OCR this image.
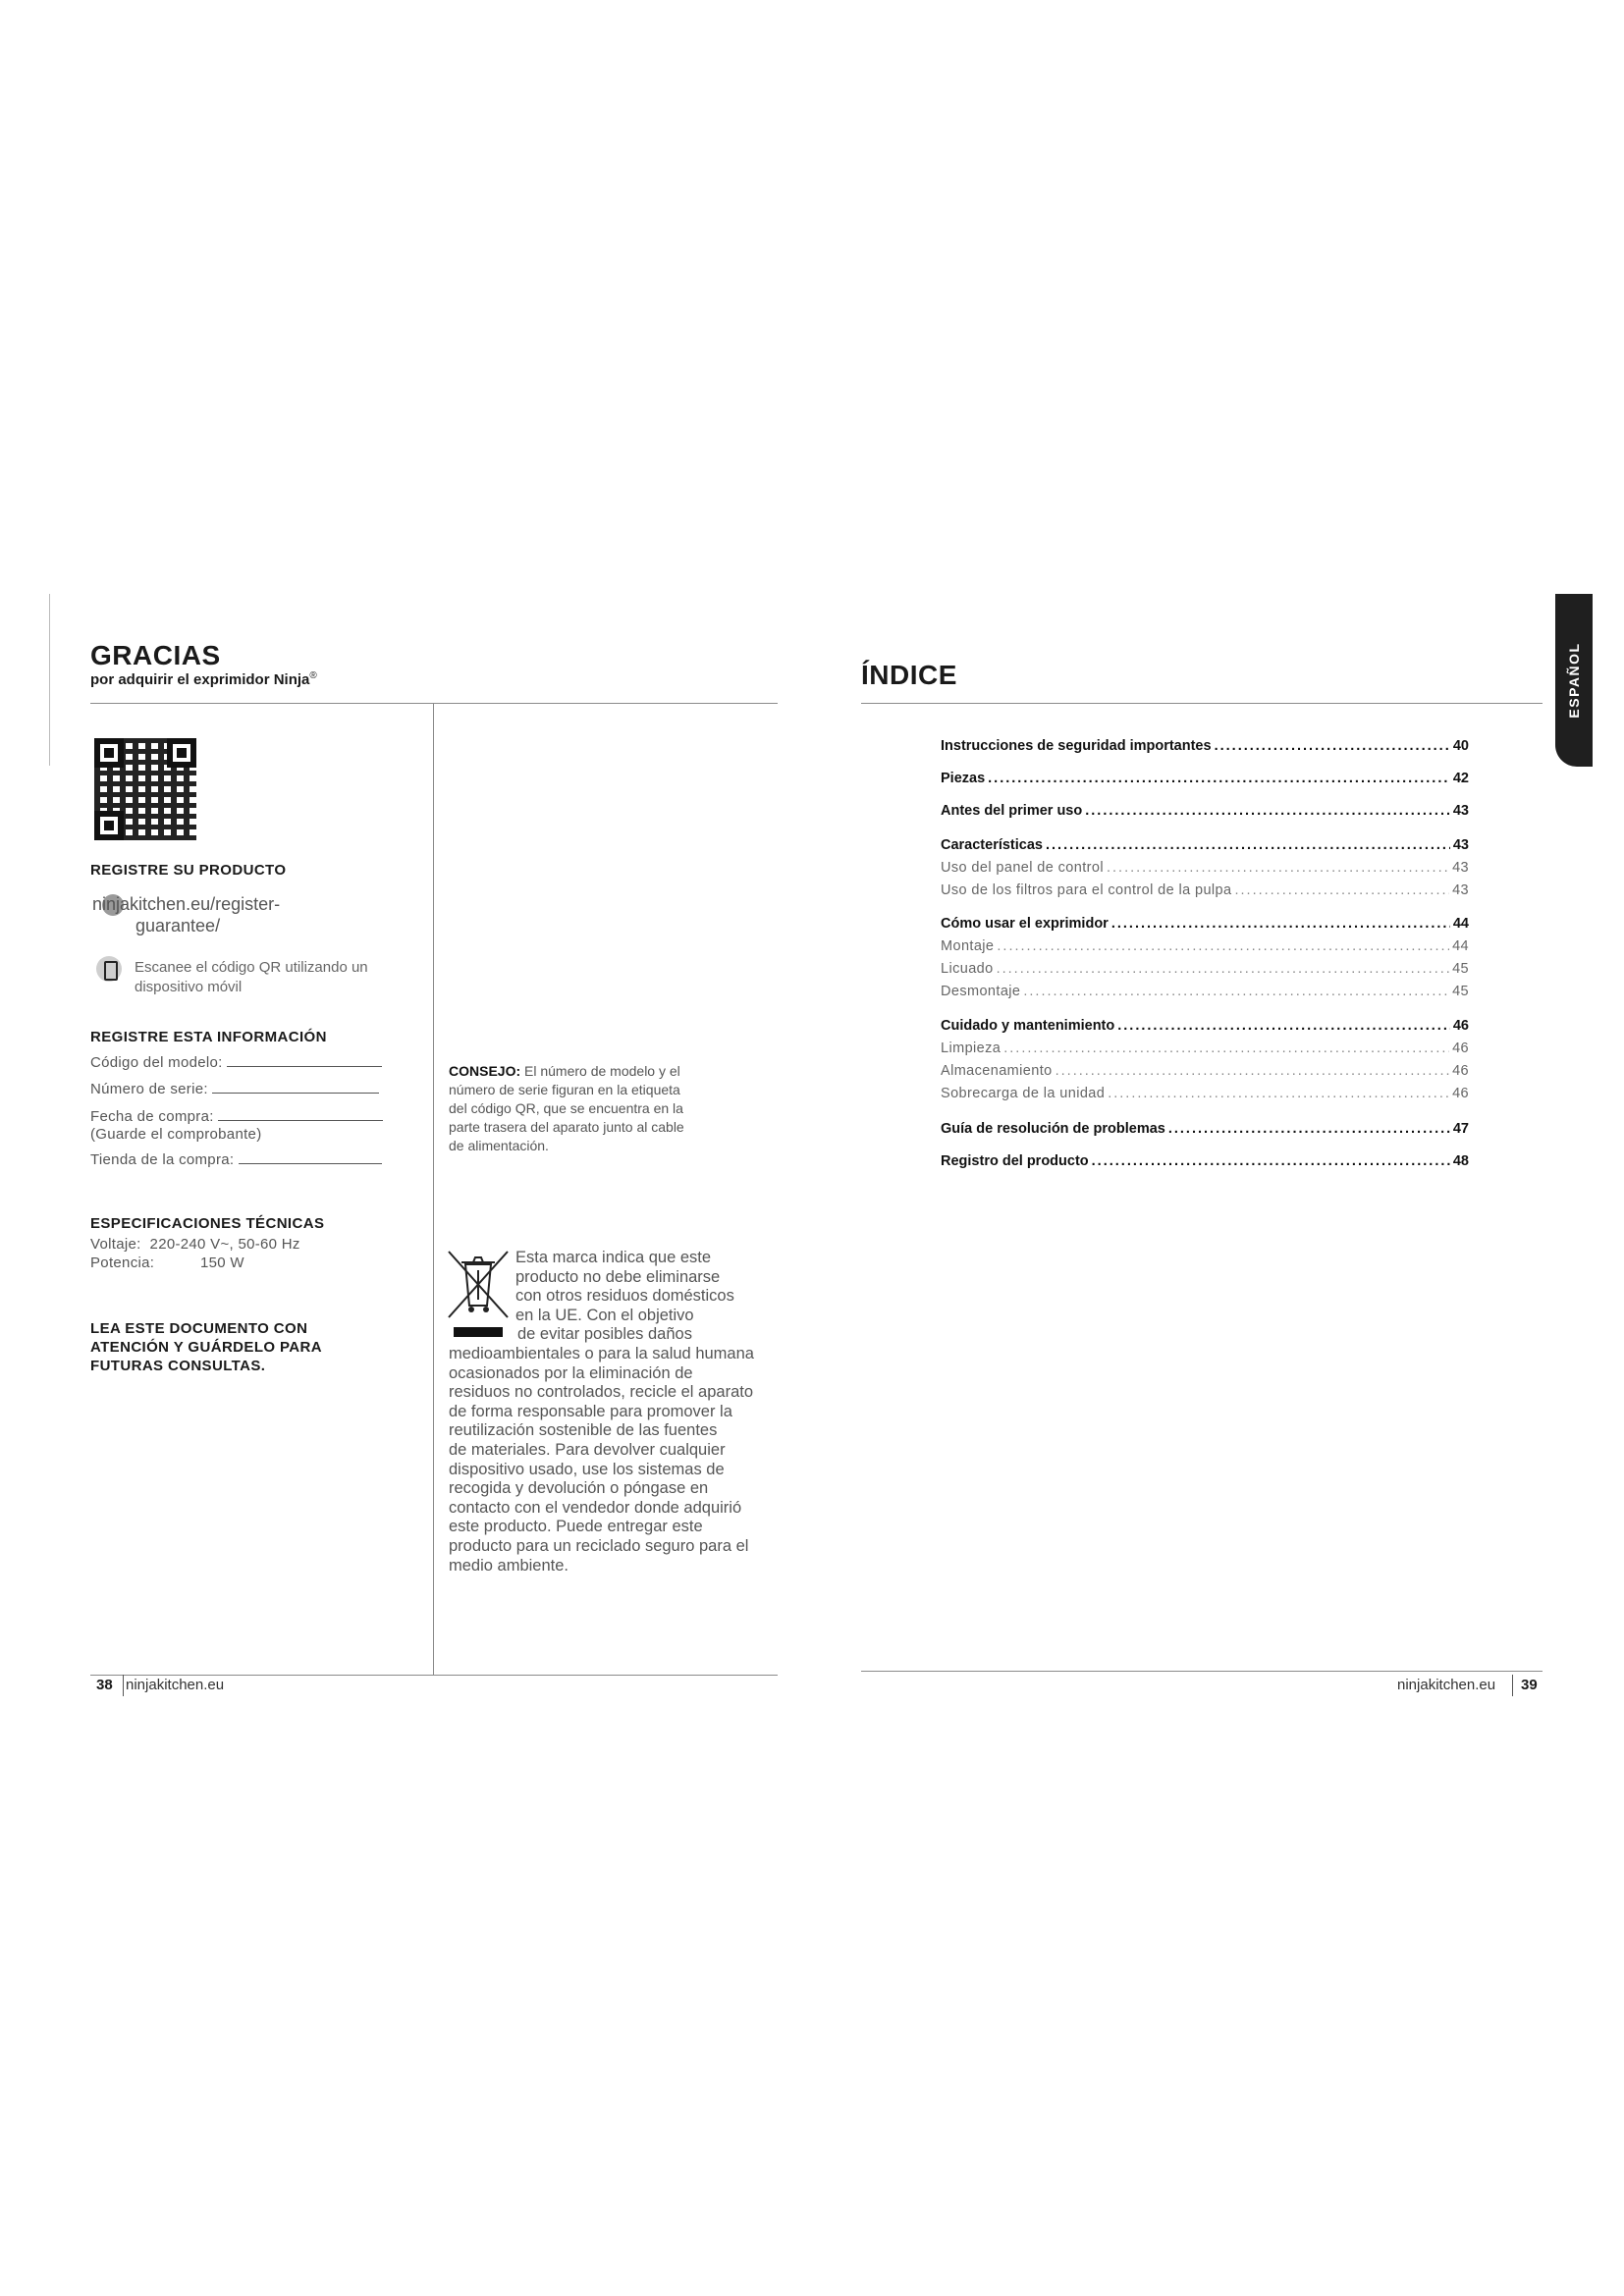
GRACIAS
por adquirir el exprimidor Ninja®
REGISTRE SU PRODUCTO
ninjakitchen.eu/register-
guarantee/
Escanee el código QR utilizando un
dispositivo móvil
REGISTRE ESTA INFORMACIÓN
Código del modelo:
Número de serie:
Fecha de compra:
(Guarde el comprobante)
Tienda de la compra:
ESPECIFICACIONES TÉCNICAS
Voltaje: 220-240 V~, 50-60 Hz
Potencia:	150 W
LEA ESTE DOCUMENTO CON
ATENCIÓN Y GUÁRDELO PARA
FUTURAS CONSULTAS.
CONSEJO: El número de modelo y el
número de serie figuran en la etiqueta
del código QR, que se encuentra en la
parte trasera del aparato junto al cable
de alimentación.
Esta marca indica que este
producto no debe eliminarse
con otros residuos domésticos
en la UE. Con el objetivo
de evitar posibles daños
medioambientales o para la salud humana
ocasionados por la eliminación de
residuos no controlados, recicle el aparato
de forma responsable para promover la
reutilización sostenible de las fuentes
de materiales. Para devolver cualquier
dispositivo usado, use los sistemas de
recogida y devolución o póngase en
contacto con el vendedor donde adquirió
este producto. Puede entregar este
producto para un reciclado seguro para el
medio ambiente.
38 ninjakitchen.eu
ÍNDICE	ESPAÑOL
Instrucciones de seguridad importantes .....	40
Piezas .....	42
Antes del primer uso .....	43
Características .....	43
Uso del panel de control .....	43
Uso de los filtros para el control de la pulpa .....	43
Cómo usar el exprimidor .....	44
Montaje .....	44
Licuado .....	45
Desmontaje .....	45
Cuidado y mantenimiento .....	46
Limpieza .....	46
Almacenamiento .....	46
Sobrecarga de la unidad .....	46
Guía de resolución de problemas .....	47
Registro del producto .....	48
ninjakitchen.eu 39
